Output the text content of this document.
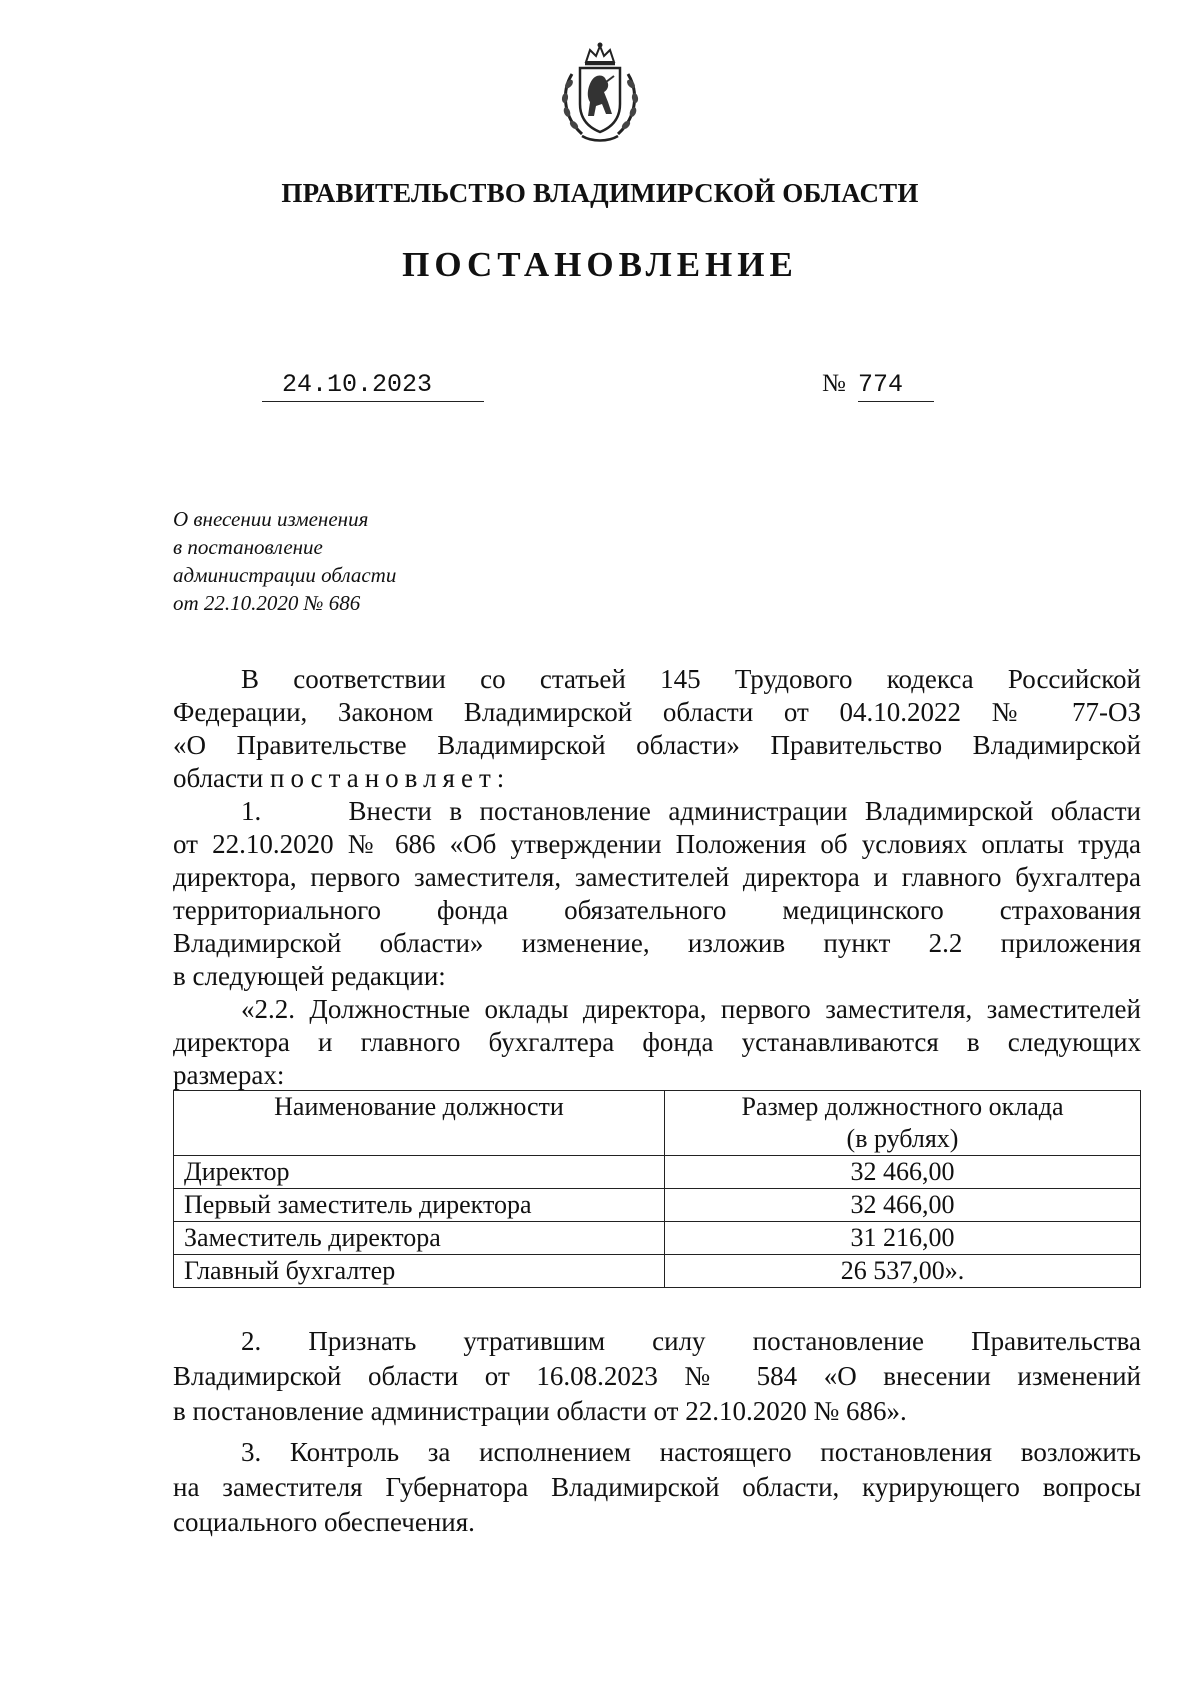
ПРАВИТЕЛЬСТВО ВЛАДИМИРСКОЙ ОБЛАСТИ
ПОСТАНОВЛЕНИЕ
24.10.2023	№ 774
О внесении изменения
в постановление
администрации области
от 22.10.2020 № 686
В соответствии со статьей 145 Трудового кодекса Российской
Федерации, Законом Владимирской области от 04.10.2022 № 77-ОЗ
«О Правительстве Владимирской области» Правительство Владимирской
области постановляет:
1.     Внести в постановление администрации Владимирской области
от 22.10.2020 № 686 «Об утверждении Положения об условиях оплаты труда
директора, первого заместителя, заместителей директора и главного бухгалтера
территориального фонда обязательного медицинского страхования
Владимирской области» изменение, изложив пункт 2.2 приложения
в следующей редакции:
«2.2. Должностные оклады директора, первого заместителя, заместителей
директора и главного бухгалтера фонда устанавливаются в следующих
размерах:
Наименование должности	Размер должностного оклада
(в рублях)

Директор	32 466,00
Первый заместитель директора	32 466,00
Заместитель директора	31 216,00
Главный бухгалтер	26 537,00».
2. Признать утратившим силу постановление Правительства
Владимирской области от 16.08.2023 № 584 «О внесении изменений
в постановление администрации области от 22.10.2020 № 686».
3. Контроль за исполнением настоящего постановления возложить
на заместителя Губернатора Владимирской области, курирующего вопросы
социального обеспечения.
